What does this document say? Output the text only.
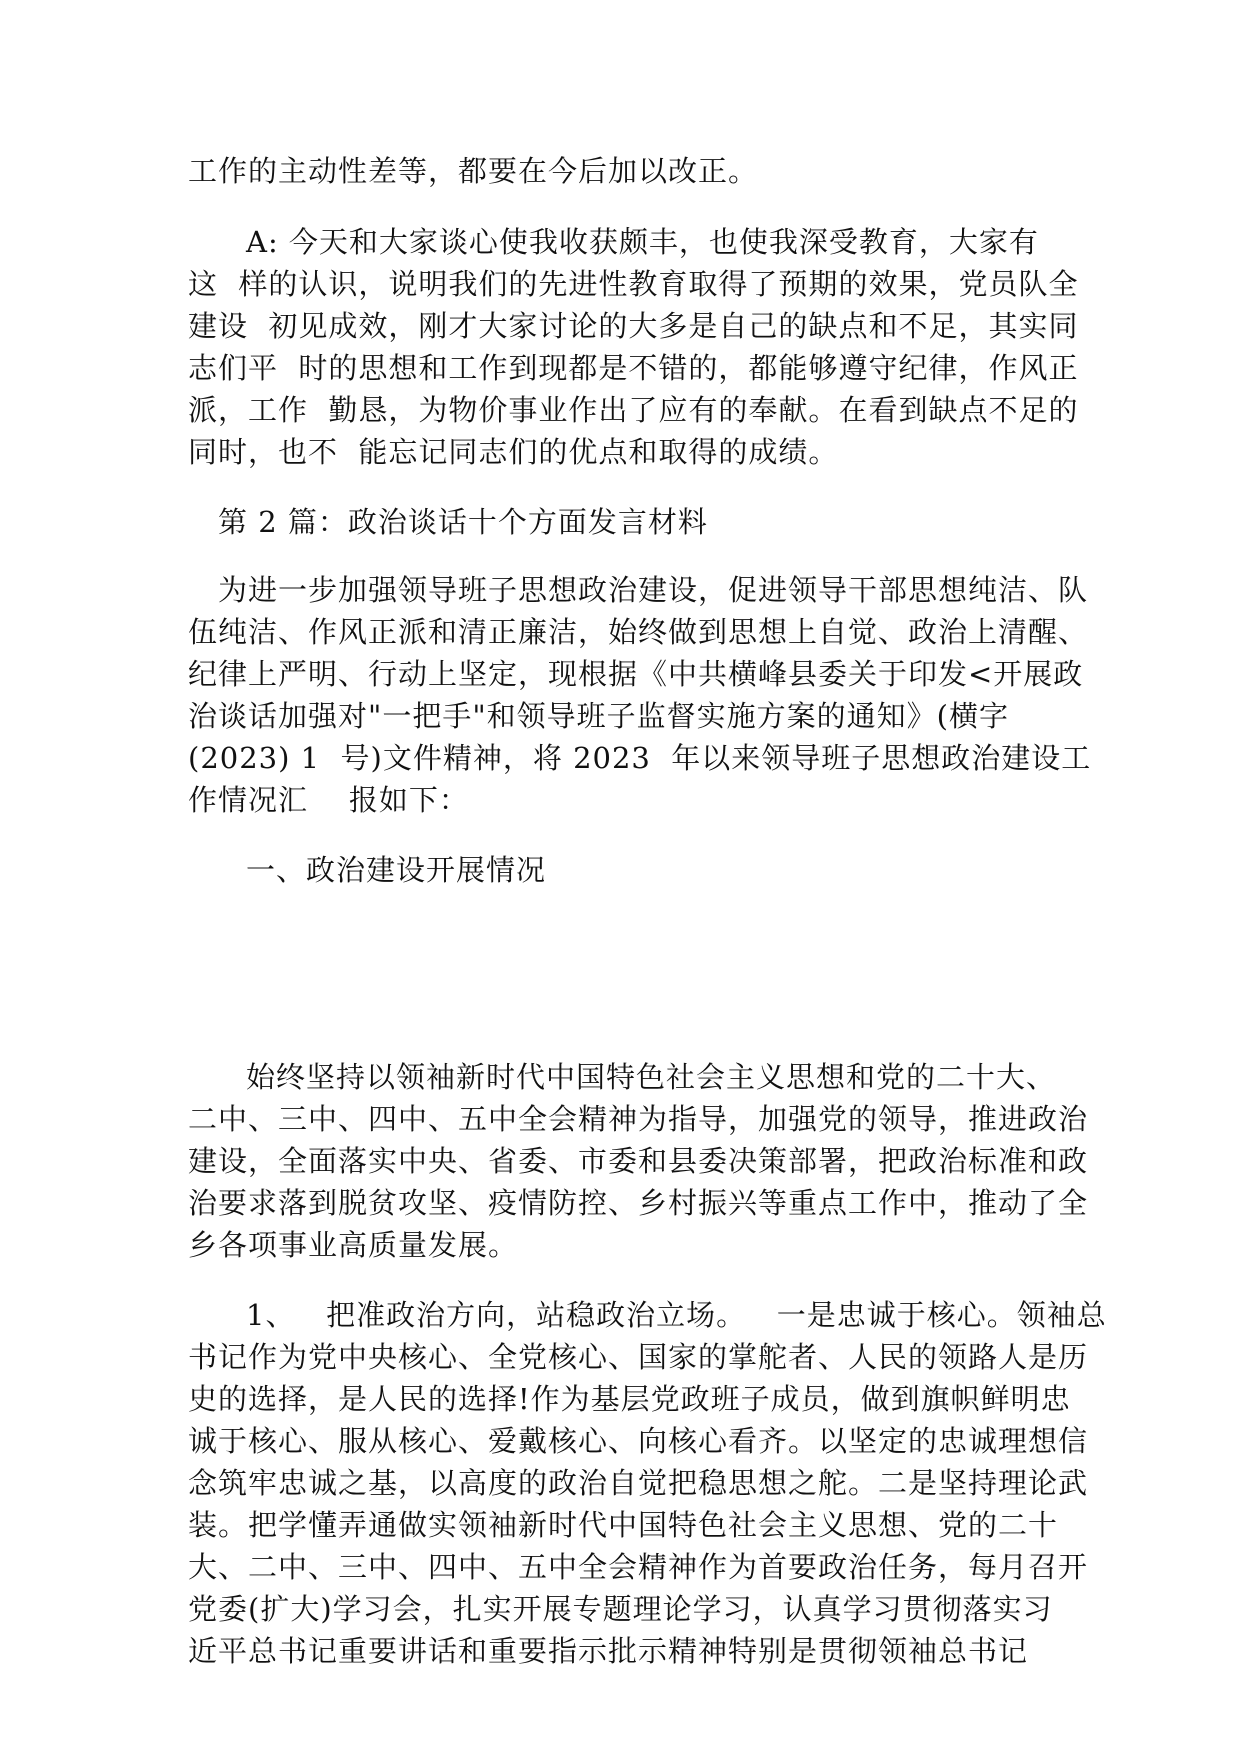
工作的主动性差等，都要在今后加以改正。
A: 今天和大家谈心使我收获颇丰，也使我深受教育，大家有
这  样的认识，说明我们的先进性教育取得了预期的效果，党员队全
建设  初见成效，刚才大家讨论的大多是自己的缺点和不足，其实同
志们平  时的思想和工作到现都是不错的，都能够遵守纪律，作风正
派，工作  勤恳，为物价事业作出了应有的奉献。在看到缺点不足的
同时，也不  能忘记同志们的优点和取得的成绩。
第 2 篇：政治谈话十个方面发言材料
为进一步加强领导班子思想政治建设，促进领导干部思想纯洁、队
伍纯洁、作风正派和清正廉洁，始终做到思想上自觉、政治上清醒、
纪律上严明、行动上坚定，现根据《中共横峰县委关于印发<开展政
治谈话加强对"一把手"和领导班子监督实施方案的通知》(横字
(2023) 1  号)文件精神，将 2023  年以来领导班子思想政治建设工
作情况汇    报如下：
一、政治建设开展情况
始终坚持以领袖新时代中国特色社会主义思想和党的二十大、
二中、三中、四中、五中全会精神为指导，加强党的领导，推进政治
建设，全面落实中央、省委、市委和县委决策部署，把政治标准和政
治要求落到脱贫攻坚、疫情防控、乡村振兴等重点工作中，推动了全
乡各项事业高质量发展。
1、   把准政治方向，站稳政治立场。   一是忠诚于核心。领袖总
书记作为党中央核心、全党核心、国家的掌舵者、人民的领路人是历
史的选择，是人民的选择!作为基层党政班子成员，做到旗帜鲜明忠
诚于核心、服从核心、爱戴核心、向核心看齐。以坚定的忠诚理想信
念筑牢忠诚之基，以高度的政治自觉把稳思想之舵。二是坚持理论武
装。把学懂弄通做实领袖新时代中国特色社会主义思想、党的二十
大、二中、三中、四中、五中全会精神作为首要政治任务，每月召开
党委(扩大)学习会，扎实开展专题理论学习，认真学习贯彻落实习
近平总书记重要讲话和重要指示批示精神特别是贯彻领袖总书记
